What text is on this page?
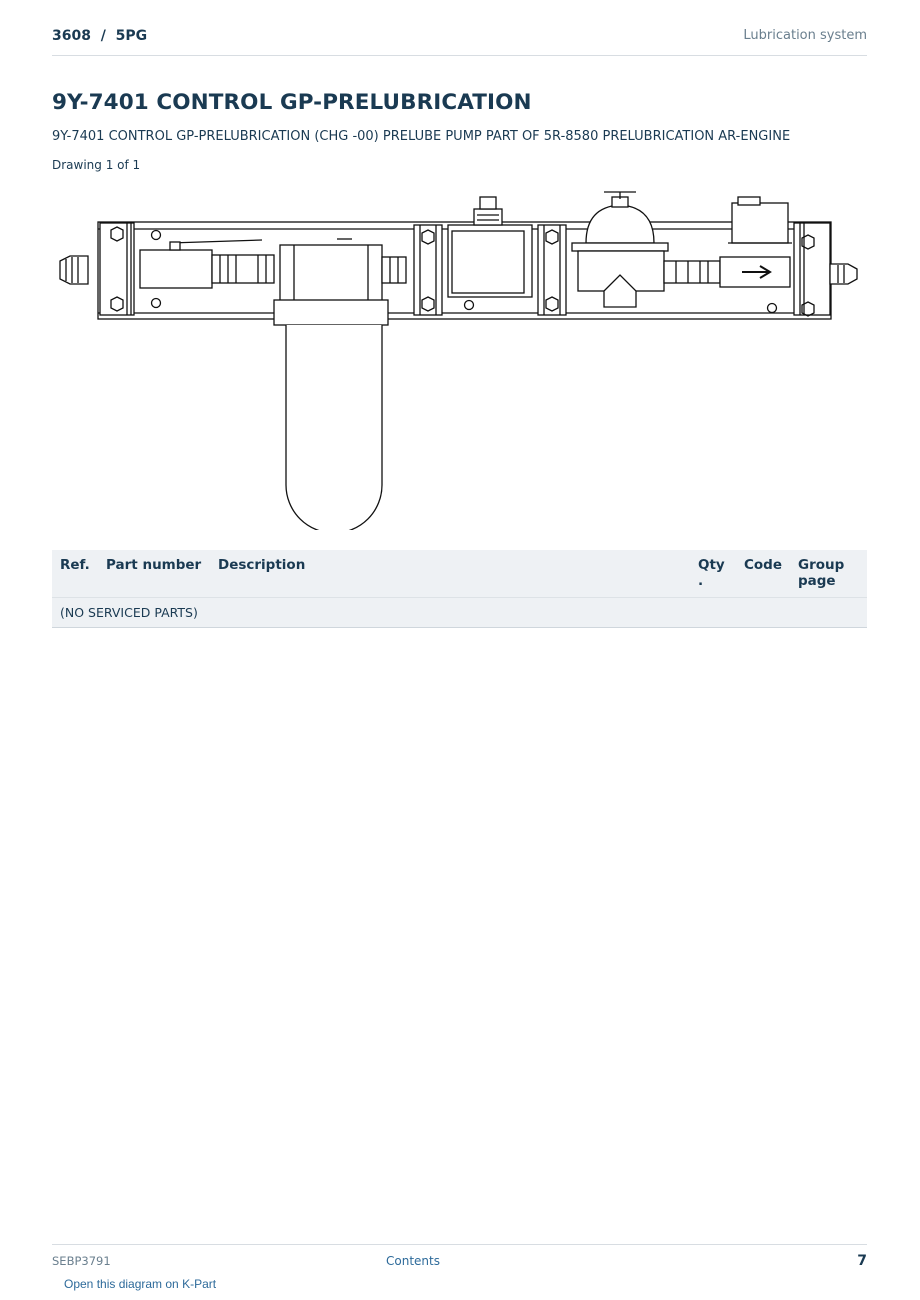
3608  /  5PG	Lubrication system
9Y-7401 CONTROL GP-PRELUBRICATION
9Y-7401 CONTROL GP-PRELUBRICATION (CHG -00) PRELUBE PUMP PART OF 5R-8580 PRELUBRICATION AR-ENGINE
Drawing 1 of 1
Ref.	Part number	Description	Qty .	Code	Group page
(NO SERVICED PARTS)
SEBP3791	Contents	7
Open this diagram on K-Part
